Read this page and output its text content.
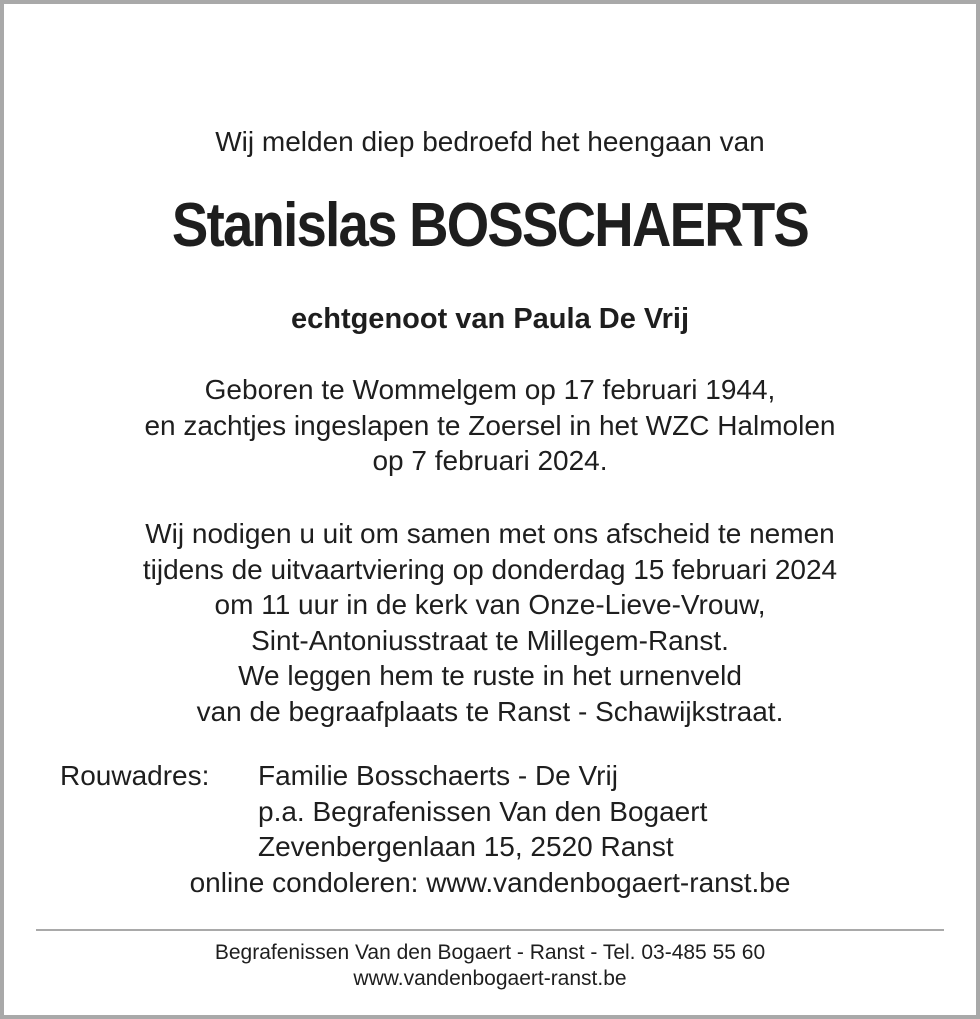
Wij melden diep bedroefd het heengaan van
Stanislas BOSSCHAERTS
echtgenoot van Paula De Vrij
Geboren te Wommelgem op 17 februari 1944,
en zachtjes ingeslapen te Zoersel in het WZC Halmolen
op 7 februari 2024.
Wij nodigen u uit om samen met ons afscheid te nemen
tijdens de uitvaartviering op donderdag 15 februari 2024
om 11 uur in de kerk van Onze-Lieve-Vrouw,
Sint-Antoniusstraat te Millegem-Ranst.
We leggen hem te ruste in het urnenveld
van de begraafplaats te Ranst - Schawijkstraat.
Rouwadres: Familie Bosschaerts - De Vrij
p.a. Begrafenissen Van den Bogaert
Zevenbergenlaan 15, 2520 Ranst
online condoleren: www.vandenbogaert-ranst.be
Begrafenissen Van den Bogaert - Ranst - Tel. 03-485 55 60
www.vandenbogaert-ranst.be
